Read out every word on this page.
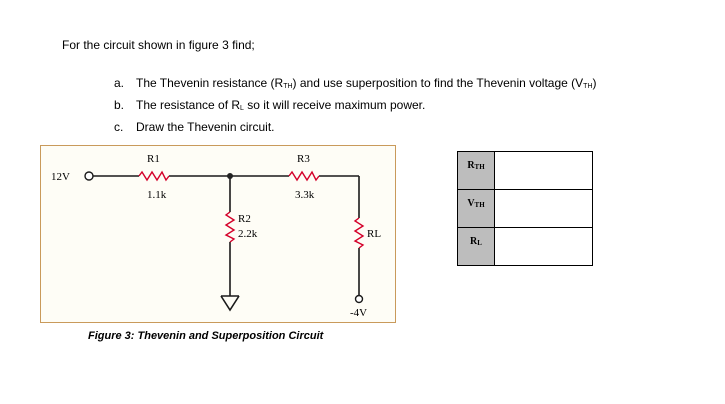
For the circuit shown in figure 3 find;
a. The Thevenin resistance $(R_{TH})$ and use superposition to find the Thevenin voltage $(V_{TH})$
b. The resistance of $R_L$ so it will receive maximum power.
c.	Draw the Thevenin circuit.
12V
R1
1.1k
R3
3.3k
R2
2.2k	RL
-4V
Figure 3: Thevenin and Superposition Circuit
$R_{TH}$	
$V_{TH}$	
$R_L$	
